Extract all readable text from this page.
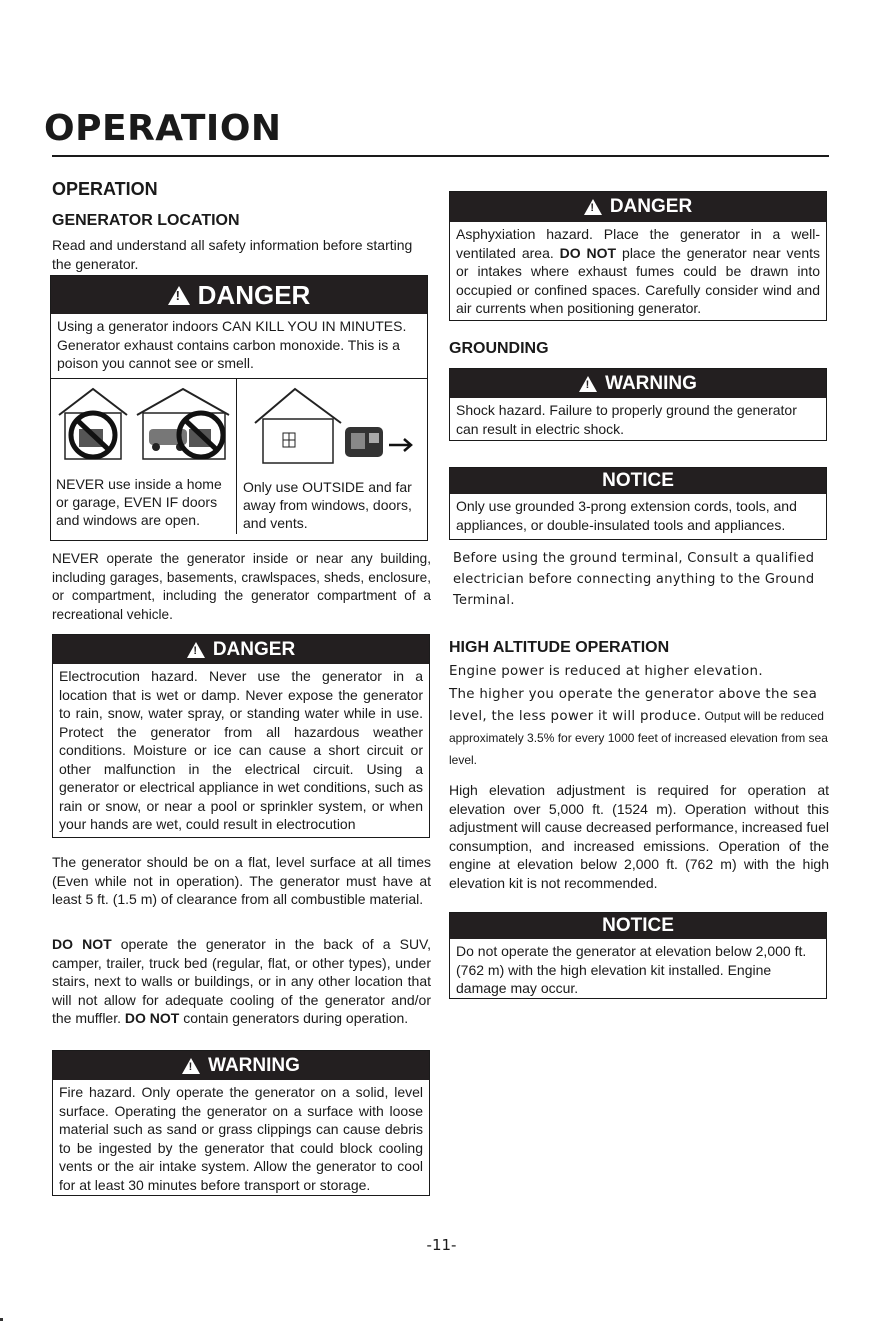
OPERATION
OPERATION
GENERATOR LOCATION
Read and understand all safety information before starting the generator.
!
DANGER
Using a generator indoors CAN KILL YOU IN MINUTES. Generator exhaust contains carbon monoxide. This is a poison you cannot see or smell.
NEVER use inside a home or garage, EVEN IF doors and windows are open.
Only use OUTSIDE and far away from windows, doors, and vents.
NEVER operate the generator inside or near any building, including garages, basements, crawlspaces, sheds, enclosure, or compartment, including the generator compartment of a recreational vehicle.
!
DANGER
Electrocution hazard. Never use the generator in a location that is wet or damp. Never expose the generator to rain, snow, water spray, or standing water while in use. Protect the generator from all hazardous weather conditions. Moisture or ice can cause a short circuit or other malfunction in the electrical circuit. Using a generator or electrical appliance in wet conditions, such as rain or snow, or near a pool or sprinkler system, or when your hands are wet, could result in electrocution
The generator should be on a flat, level surface at all times (Even while not in operation). The generator must have at least 5 ft. (1.5 m) of clearance from all combustible material.
DO NOT operate the generator in the back of a SUV, camper, trailer, truck bed (regular, flat, or other types), under stairs, next to walls or buildings, or in any other location that will not allow for adequate cooling of the generator and/or the muffler. DO NOT contain generators during operation.
!
WARNING
Fire hazard. Only operate the generator on a solid, level surface. Operating the generator on a surface with loose material such as sand or grass clippings can cause debris to be ingested by the generator that could block cooling vents or the air intake system. Allow the generator to cool for at least 30 minutes before transport or storage.
!
DANGER
Asphyxiation hazard. Place the generator in a well-ventilated area. DO NOT place the generator near vents or intakes where exhaust fumes could be drawn into occupied or confined spaces. Carefully consider wind and air currents when positioning generator.
GROUNDING
!
WARNING
Shock hazard. Failure to properly ground the generator can result in electric shock.
NOTICE
Only use grounded 3-prong extension cords, tools, and appliances, or double-insulated tools and appliances.
Before using the ground terminal, Consult a qualified electrician before connecting anything to the Ground Terminal.
HIGH ALTITUDE OPERATION
Engine power is reduced at higher elevation.
The higher you operate the generator above the sea level, the less power it will produce. Output will be reduced approximately 3.5% for every 1000 feet of increased elevation from sea level.
High elevation adjustment is required for operation at elevation over 5,000 ft. (1524 m). Operation without this adjustment will cause decreased performance, increased fuel consumption, and increased emissions. Operation of the engine at elevation below 2,000 ft. (762 m) with the high elevation kit is not recommended.
NOTICE
Do not operate the generator at elevation below 2,000 ft. (762 m) with the high elevation kit installed. Engine damage may occur.
-11-
